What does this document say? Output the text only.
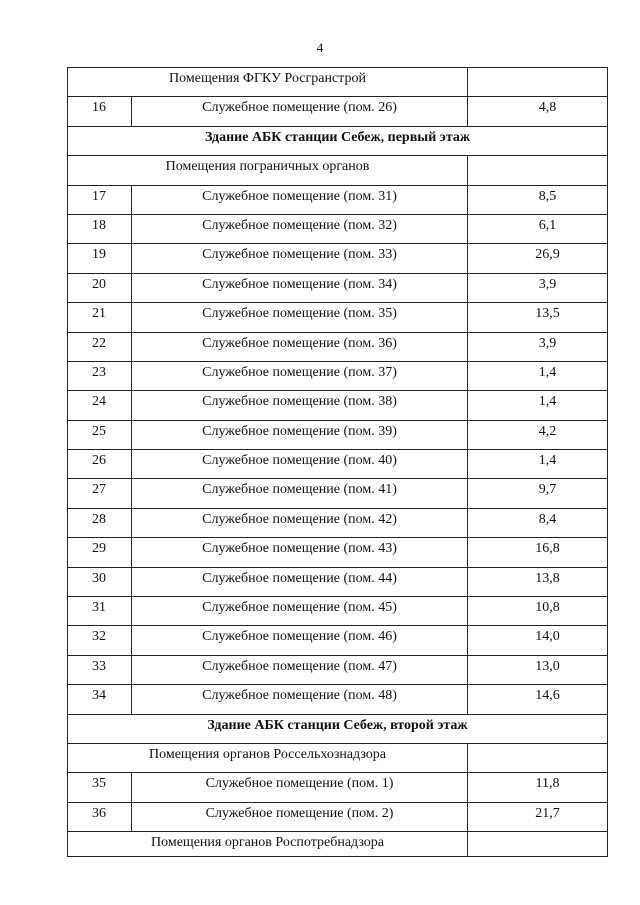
4
Помещения ФГКУ Росгранстрой		
16	Служебное помещение (пом. 26)	4,8
Здание АБК станции Себеж, первый этаж		
Помещения пограничных органов		
17	Служебное помещение (пом. 31)	8,5
18	Служебное помещение (пом. 32)	6,1
19	Служебное помещение (пом. 33)	26,9
20	Служебное помещение (пом. 34)	3,9
21	Служебное помещение (пом. 35)	13,5
22	Служебное помещение (пом. 36)	3,9
23	Служебное помещение (пом. 37)	1,4
24	Служебное помещение (пом. 38)	1,4
25	Служебное помещение (пом. 39)	4,2
26	Служебное помещение (пом. 40)	1,4
27	Служебное помещение (пом. 41)	9,7
28	Служебное помещение (пом. 42)	8,4
29	Служебное помещение (пом. 43)	16,8
30	Служебное помещение (пом. 44)	13,8
31	Служебное помещение (пом. 45)	10,8
32	Служебное помещение (пом. 46)	14,0
33	Служебное помещение (пом. 47)	13,0
34	Служебное помещение (пом. 48)	14,6
Здание АБК станции Себеж, второй этаж		
Помещения органов Россельхознадзора		
35	Служебное помещение (пом. 1)	11,8
36	Служебное помещение (пом. 2)	21,7
Помещения органов Роспотребнадзора		
